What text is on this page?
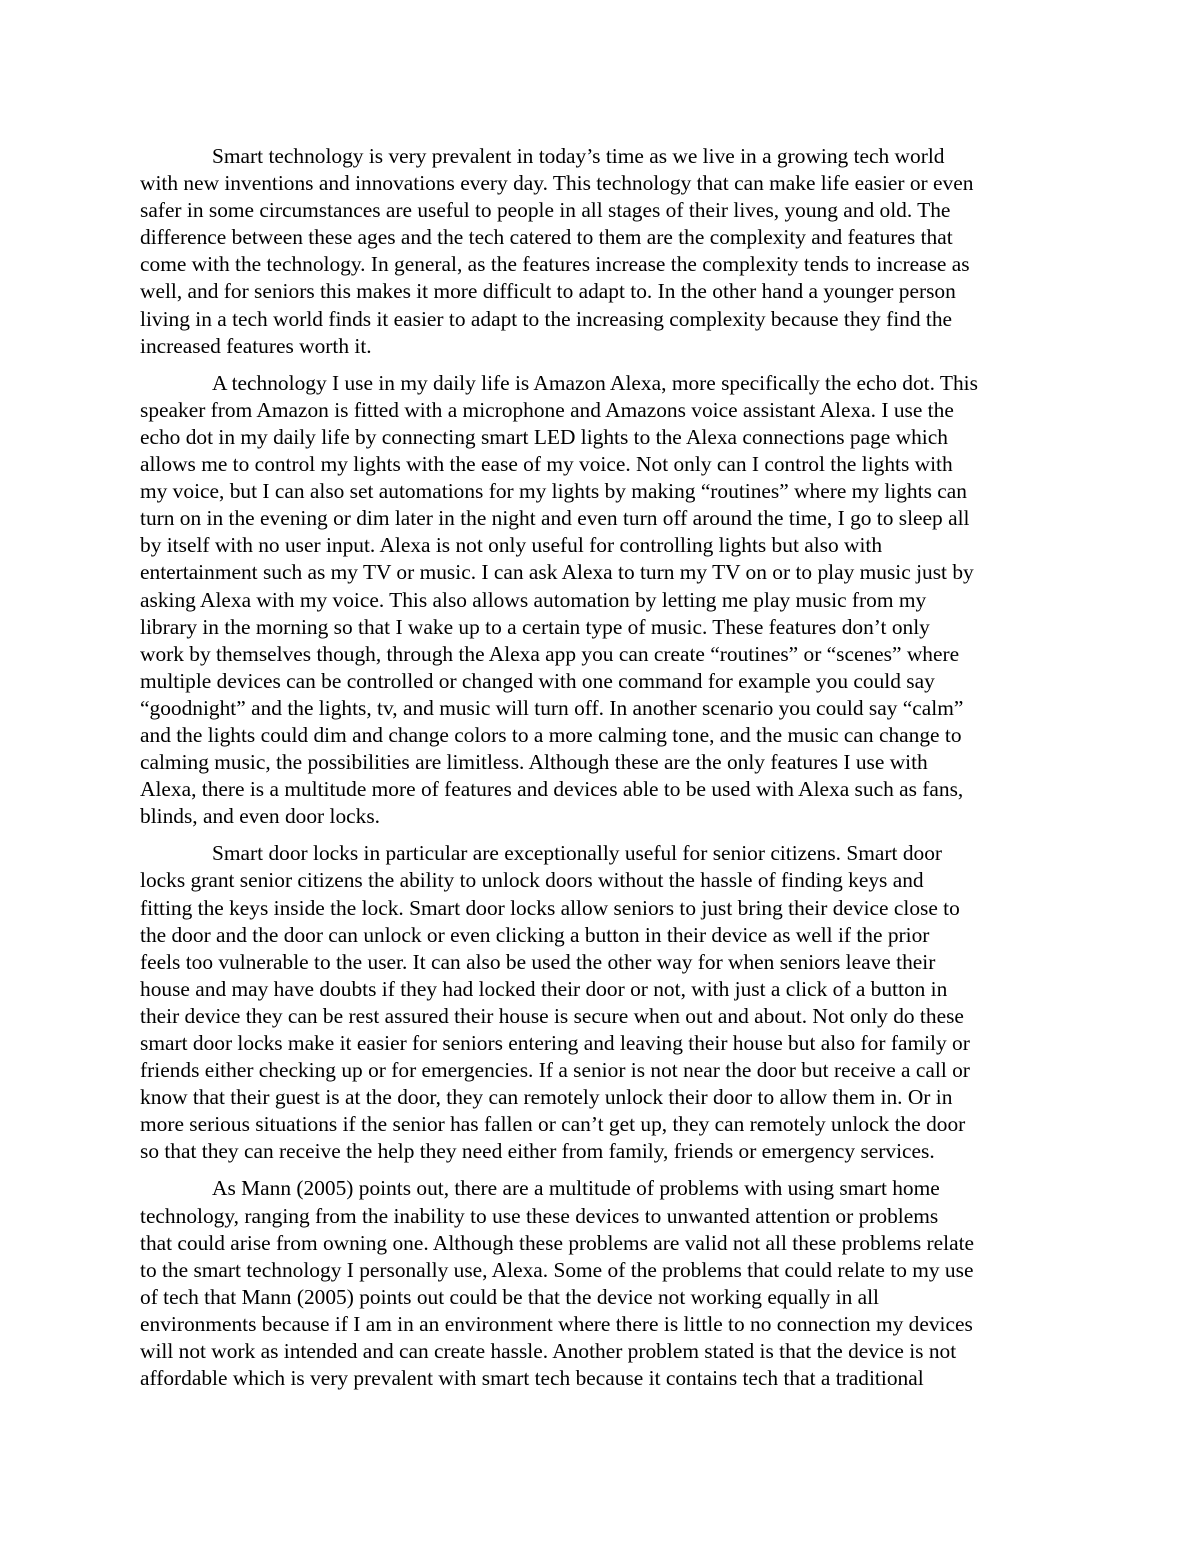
Smart technology is very prevalent in today’s time as we live in a growing tech world
with new inventions and innovations every day. This technology that can make life easier or even
safer in some circumstances are useful to people in all stages of their lives, young and old. The
difference between these ages and the tech catered to them are the complexity and features that
come with the technology. In general, as the features increase the complexity tends to increase as
well, and for seniors this makes it more difficult to adapt to. In the other hand a younger person
living in a tech world finds it easier to adapt to the increasing complexity because they find the
increased features worth it.

A technology I use in my daily life is Amazon Alexa, more specifically the echo dot. This
speaker from Amazon is fitted with a microphone and Amazons voice assistant Alexa. I use the
echo dot in my daily life by connecting smart LED lights to the Alexa connections page which
allows me to control my lights with the ease of my voice. Not only can I control the lights with
my voice, but I can also set automations for my lights by making “routines” where my lights can
turn on in the evening or dim later in the night and even turn off around the time, I go to sleep all
by itself with no user input. Alexa is not only useful for controlling lights but also with
entertainment such as my TV or music. I can ask Alexa to turn my TV on or to play music just by
asking Alexa with my voice. This also allows automation by letting me play music from my
library in the morning so that I wake up to a certain type of music. These features don’t only
work by themselves though, through the Alexa app you can create “routines” or “scenes” where
multiple devices can be controlled or changed with one command for example you could say
“goodnight” and the lights, tv, and music will turn off. In another scenario you could say “calm”
and the lights could dim and change colors to a more calming tone, and the music can change to
calming music, the possibilities are limitless. Although these are the only features I use with
Alexa, there is a multitude more of features and devices able to be used with Alexa such as fans,
blinds, and even door locks.

Smart door locks in particular are exceptionally useful for senior citizens. Smart door
locks grant senior citizens the ability to unlock doors without the hassle of finding keys and
fitting the keys inside the lock. Smart door locks allow seniors to just bring their device close to
the door and the door can unlock or even clicking a button in their device as well if the prior
feels too vulnerable to the user. It can also be used the other way for when seniors leave their
house and may have doubts if they had locked their door or not, with just a click of a button in
their device they can be rest assured their house is secure when out and about. Not only do these
smart door locks make it easier for seniors entering and leaving their house but also for family or
friends either checking up or for emergencies. If a senior is not near the door but receive a call or
know that their guest is at the door, they can remotely unlock their door to allow them in. Or in
more serious situations if the senior has fallen or can’t get up, they can remotely unlock the door
so that they can receive the help they need either from family, friends or emergency services.

As Mann (2005) points out, there are a multitude of problems with using smart home
technology, ranging from the inability to use these devices to unwanted attention or problems
that could arise from owning one. Although these problems are valid not all these problems relate
to the smart technology I personally use, Alexa. Some of the problems that could relate to my use
of tech that Mann (2005) points out could be that the device not working equally in all
environments because if I am in an environment where there is little to no connection my devices
will not work as intended and can create hassle. Another problem stated is that the device is not
affordable which is very prevalent with smart tech because it contains tech that a traditional
